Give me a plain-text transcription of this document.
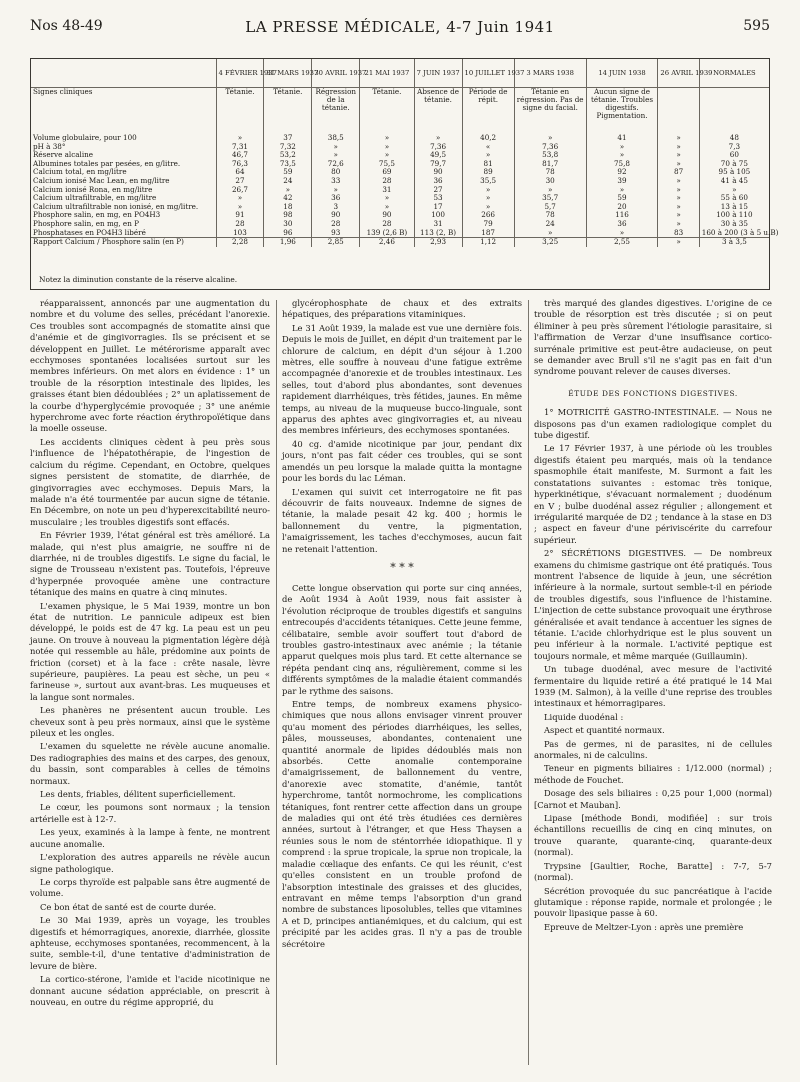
Nos 48-49	LA PRESSE MÉDICALE, 4-7 Juin 1941	595
	4 FÉVRIER 1937	31 MARS 1937	30 AVRIL 1937	21 MAI 1937	7 JUIN 1937	10 JUILLET 1937	3 MARS 1938	14 JUIN 1938	26 AVRIL 1939	NORMALES
Signes cliniques	Tétanie.	Tétanie.	Régression de la tétanie.	Tétanie.	Absence de tétanie.	Période de répit.	Tétanie en régression. Pas de signe du facial.	Aucun signe de tétanie. Troubles digestifs. Pigmentation.		
Volume globulaire, pour 100	»	37	38,5	»	»	40,2	»	41	»	48
pH à 38°	7,31	7,32	»	»	7,36	«	7,36	»	»	7,3
Réserve alcaline	46,7	53,2	»	»	49,5	»	53,8	»	»	60
Albumines totales par pesées, en g/litre.	76,3	73,5	72,6	75,5	79,7	81	81,7	75,8	»	70 à 75
Calcium total, en mg/litre	64	59	80	69	90	89	78	92	87	95 à 105
Calcium ionisé Mac Lean, en mg/litre	27	24	33	28	36	35,5	30	39	»	41 à 45
Calcium ionisé Rona, en mg/litre	26,7	»	»	31	27	»	»	»	»	»
Calcium ultrafiltrable, en mg/litre	»	42	36	»	53	»	35,7	59	»	55 à 60
Calcium ultrafiltrable non ionisé, en mg/litre.	»	18	3	»	17	»	5,7	20	»	13 à 15
Phosphore salin, en mg, en PO4H3	91	98	90	90	100	266	78	116	»	100 à 110
Phosphore salin, en mg, en P	28	30	28	28	31	79	24	36	»	30 à 35
Phosphatases en PO4H3 libéré	103	96	93	139 (2,6 B)	113 (2, B)	187	»	»	83	160 à 200 (3 à 5 u.B)
Rapport Calcium / Phosphore salin (en P)	2,28	1,96	2,85	2,46	2,93	1,12	3,25	2,55	»	3 à 3,5
Notez la diminution constante de la réserve alcaline.

réapparaissent, annoncés par une augmentation du nombre et du volume des selles, précédant l'anorexie. Ces troubles sont accompagnés de stomatite ainsi que d'anémie et de gingivorragies. Ils se précisent et se développent en Juillet. Le métérorisme apparaît avec ecchymoses spontanées localisées surtout sur les membres inférieurs. On met alors en évidence : 1° un trouble de la résorption intestinale des lipides, les graisses étant bien dédoublées ; 2° un aplatissement de la courbe d'hyperglycémie provoquée ; 3° une anémie hyperchrome avec forte réaction érythropoïétique dans la moelle osseuse.

Les accidents cliniques cèdent à peu près sous l'influence de l'hépatothérapie, de l'ingestion de calcium du régime. Cependant, en Octobre, quelques signes persistent de stomatite, de diarrhée, de gingivorragies avec ecchymoses. Depuis Mars, la malade n'a été tourmentée par aucun signe de tétanie. En Décembre, on note un peu d'hyperexcitabilité neuro-musculaire ; les troubles digestifs sont effacés.

En Février 1939, l'état général est très amélioré. La malade, qui n'est plus amaigrie, ne souffre ni de diarrhée, ni de troubles digestifs. Le signe du facial, le signe de Trousseau n'existent pas. Toutefois, l'épreuve d'hyperpnée provoquée amène une contracture tétanique des mains en quatre à cinq minutes.

L'examen physique, le 5 Mai 1939, montre un bon état de nutrition. Le pannicule adipeux est bien développé, le poids est de 47 kg. La peau est un peu jaune. On trouve à nouveau la pigmentation légère déjà notée qui ressemble au hâle, prédomine aux points de friction (corset) et à la face : crête nasale, lèvre supérieure, paupières. La peau est sèche, un peu « farineuse », surtout aux avant-bras. Les muqueuses et la langue sont normales.

Les phanères ne présentent aucun trouble. Les cheveux sont à peu près normaux, ainsi que le système pileux et les ongles.

L'examen du squelette ne révèle aucune anomalie. Des radiographies des mains et des carpes, des genoux, du bassin, sont comparables à celles de témoins normaux.

Les dents, friables, délitent superficiellement.

Le cœur, les poumons sont normaux ; la tension artérielle est à 12-7.

Les yeux, examinés à la lampe à fente, ne montrent aucune anomalie.

L'exploration des autres appareils ne révèle aucun signe pathologique.

Le corps thyroïde est palpable sans être augmenté de volume.

Ce bon état de santé est de courte durée.

Le 30 Mai 1939, après un voyage, les troubles digestifs et hémorragiques, anorexie, diarrhée, glossite aphteuse, ecchymoses spontanées, recommencent, à la suite, semble-t-il, d'une tentative d'administration de levure de bière.

La cortico-stérone, l'amide et l'acide nicotinique ne donnant aucune sédation appréciable, on prescrit à nouveau, en outre du régime approprié, du

glycérophosphate de chaux et des extraits hépatiques, des préparations vitaminiques.

Le 31 Août 1939, la malade est vue une dernière fois. Depuis le mois de Juillet, en dépit d'un traitement par le chlorure de calcium, en dépit d'un séjour à 1.200 mètres, elle souffre à nouveau d'une fatigue extrême accompagnée d'anorexie et de troubles intestinaux. Les selles, tout d'abord plus abondantes, sont devenues rapidement diarrhéiques, très fétides, jaunes. En même temps, au niveau de la muqueuse bucco-linguale, sont apparus des aphtes avec gingivorragies et, au niveau des membres inférieurs, des ecchymoses spontanées.

40 cg. d'amide nicotinique par jour, pendant dix jours, n'ont pas fait céder ces troubles, qui se sont amendés un peu lorsque la malade quitta la montagne pour les bords du lac Léman.

L'examen qui suivit cet interrogatoire ne fit pas découvrir de faits nouveaux. Indemne de signes de tétanie, la malade pesait 42 kg. 400 ; hormis le ballonnement du ventre, la pigmentation, l'amaigrissement, les taches d'ecchymoses, aucun fait ne retenait l'attention.

* * *

Cette longue observation qui porte sur cinq années, de Août 1934 à Août 1939, nous fait assister à l'évolution réciproque de troubles digestifs et sanguins entrecoupés d'accidents tétaniques. Cette jeune femme, célibataire, semble avoir souffert tout d'abord de troubles gastro-intestinaux avec anémie ; la tétanie apparut quelques mois plus tard. Et cette alternance se répéta pendant cinq ans, régulièrement, comme si les différents symptômes de la maladie étaient commandés par le rythme des saisons.

Entre temps, de nombreux examens physico-chimiques que nous allons envisager vinrent prouver qu'au moment des périodes diarrhéiques, les selles, pâles, mousseuses, abondantes, contenaient une quantité anormale de lipides dédoublés mais non absorbés. Cette anomalie contemporaine d'amaigrissement, de ballonnement du ventre, d'anorexie avec stomatite, d'anémie, tantôt hyperchrome, tantôt normochrome, les complications tétaniques, font rentrer cette affection dans un groupe de maladies qui ont été très étudiées ces dernières années, surtout à l'étranger, et que Hess Thaysen a réunies sous le nom de sténtorrhée idiopathique. Il y comprend : la sprue tropicale, la sprue non tropicale, la maladie cœliaque des enfants. Ce qui les réunit, c'est qu'elles consistent en un trouble profond de l'absorption intestinale des graisses et des glucides, entravant en même temps l'absorption d'un grand nombre de substances liposolubles, telles que vitamines A et D, principes antianémiques, et du calcium, qui est précipité par les acides gras. Il n'y a pas de trouble sécrétoire

très marqué des glandes digestives. L'origine de ce trouble de résorption est très discutée ; si on peut éliminer à peu près sûrement l'étiologie parasitaire, si l'affirmation de Verzar d'une insuffisance cortico-surrénale primitive est peut-être audacieuse, on peut se demander avec Brull s'il ne s'agit pas en fait d'un syndrome pouvant relever de causes diverses.

ÉTUDE DES FONCTIONS DIGESTIVES.

1° MOTRICITÉ GASTRO-INTESTINALE. — Nous ne disposons pas d'un examen radiologique complet du tube digestif.

Le 17 Février 1937, à une période où les troubles digestifs étaient peu marqués, mais où la tendance spasmophile était manifeste, M. Surmont a fait les constatations suivantes : estomac très tonique, hyperkinétique, s'évacuant normalement ; duodénum en V ; bulbe duodénal assez régulier ; allongement et irrégularité marquée de D2 ; tendance à la stase en D3 ; aspect en faveur d'une périviscérite du carrefour supérieur.

2° SÉCRÉTIONS DIGESTIVES. — De nombreux examens du chimisme gastrique ont été pratiqués. Tous montrent l'absence de liquide à jeun, une sécrétion inférieure à la normale, surtout semble-t-il en période de troubles digestifs, sous l'influence de l'histamine. L'injection de cette substance provoquait une érythrose généralisée et avait tendance à accentuer les signes de tétanie. L'acide chlorhydrique est le plus souvent un peu inférieur à la normale. L'activité peptique est toujours normale, et même marquée (Guillaumin).

Un tubage duodénal, avec mesure de l'activité fermentaire du liquide retiré a été pratiqué le 14 Mai 1939 (M. Salmon), à la veille d'une reprise des troubles intestinaux et hémorragipares.

Liquide duodénal :

Aspect et quantité normaux.

Pas de germes, ni de parasites, ni de cellules anormales, ni de calculins.

Teneur en pigments biliaires : 1/12.000 (normal) ; méthode de Fouchet.

Dosage des sels biliaires : 0,25 pour 1,000 (normal) [Carnot et Mauban].

Lipase [méthode Bondi, modifiée] : sur trois échantillons recueillis de cinq en cinq minutes, on trouve quarante, quarante-cinq, quarante-deux (normal).

Trypsine [Gaultier, Roche, Baratte] : 7-7, 5-7 (normal).

Sécrétion provoquée du suc pancréatique à l'acide glutamique : réponse rapide, normale et prolongée ; le pouvoir lipasique passe à 60.

Epreuve de Meltzer-Lyon : après une première
